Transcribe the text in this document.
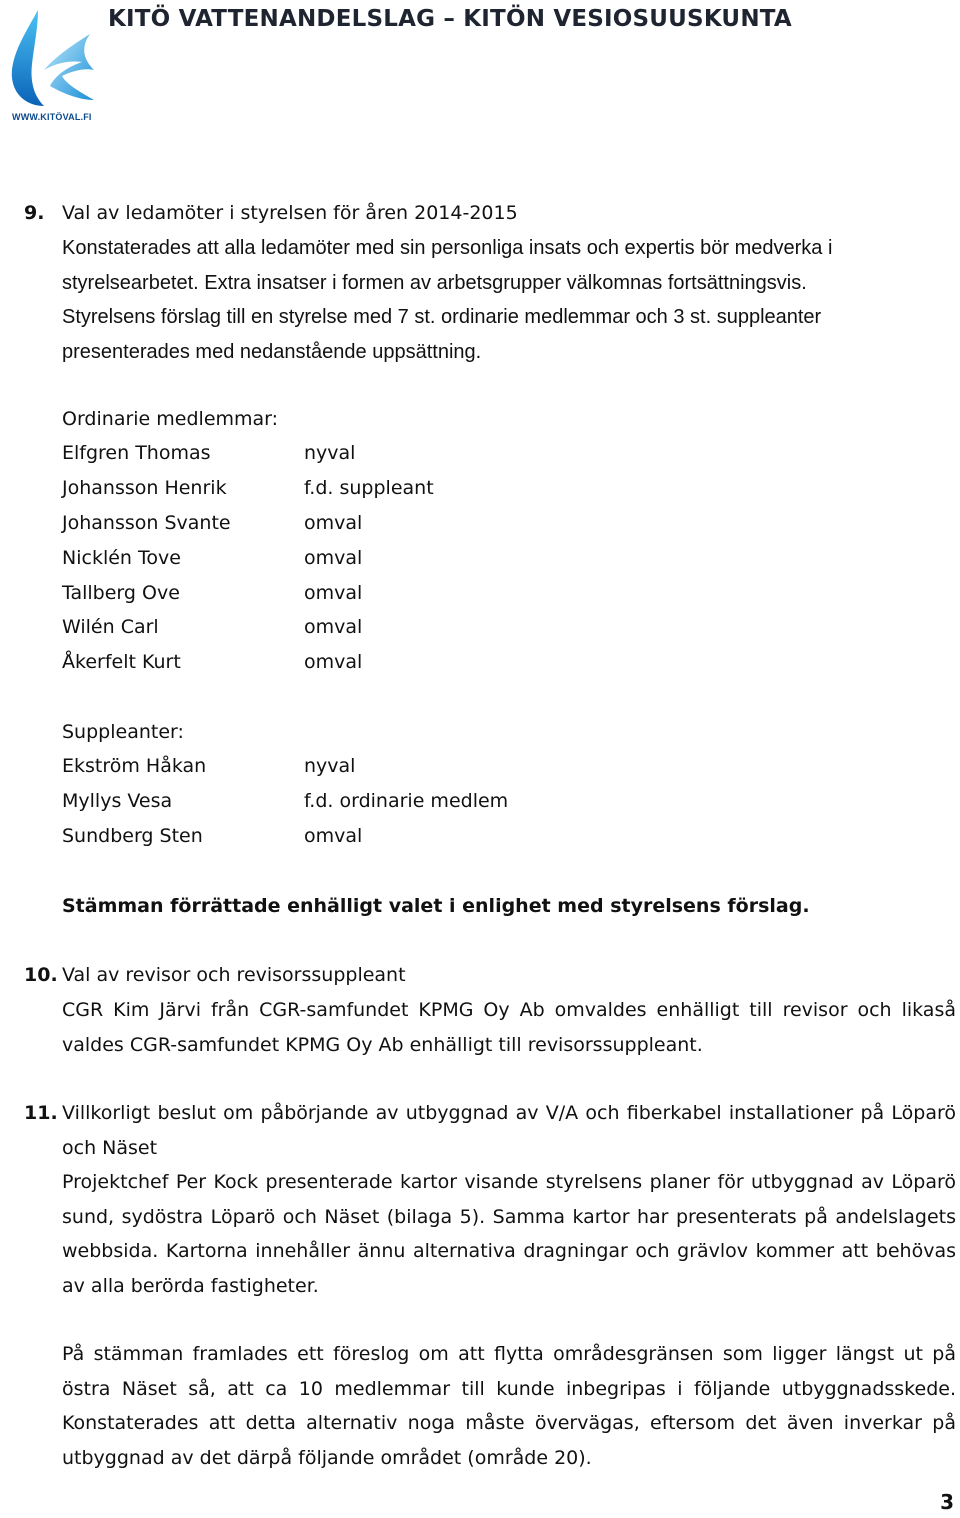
WWW.KITÖVAL.FI
KITÖ VATTENANDELSLAG – KITÖN VESIOSUUSKUNTA
9. Val av ledamöter i styrelsen för åren 2014-2015
Konstaterades att alla ledamöter med sin personliga insats och expertis bör medverka i
styrelsearbetet. Extra insatser i formen av arbetsgrupper välkomnas fortsättningsvis.
Styrelsens förslag till en styrelse med 7 st. ordinarie medlemmar och 3 st. suppleanter
presenterades med nedanstående uppsättning.
Ordinarie medlemmar:
Elfgren Thomas	nyval
Johansson Henrik	f.d. suppleant
Johansson Svante	omval
Nicklén Tove	omval
Tallberg Ove	omval
Wilén Carl	omval
Åkerfelt Kurt	omval
Suppleanter:
Ekström Håkan	nyval
Myllys Vesa	f.d. ordinarie medlem
Sundberg Sten	omval
Stämman förrättade enhälligt valet i enlighet med styrelsens förslag.
10. Val av revisor och revisorssuppleant
CGR Kim Järvi från CGR-samfundet KPMG Oy Ab omvaldes enhälligt till revisor och likaså valdes CGR-samfundet KPMG Oy Ab enhälligt till revisorssuppleant.
11. Villkorligt beslut om påbörjande av utbyggnad av V/A och fiberkabel installationer på Löparö och Näset
Projektchef Per Kock presenterade kartor visande styrelsens planer för utbyggnad av Löparö sund, sydöstra Löparö och Näset (bilaga 5). Samma kartor har presenterats på andelslagets webbsida. Kartorna innehåller ännu alternativa dragningar och grävlov kommer att behövas av alla berörda fastigheter.
På stämman framlades ett föreslog om att flytta områdesgränsen som ligger längst ut på östra Näset så, att ca 10 medlemmar till kunde inbegripas i följande utbyggnadsskede. Konstaterades att detta alternativ noga måste övervägas, eftersom det även inverkar på utbyggnad av det därpå följande området (område 20).
3
